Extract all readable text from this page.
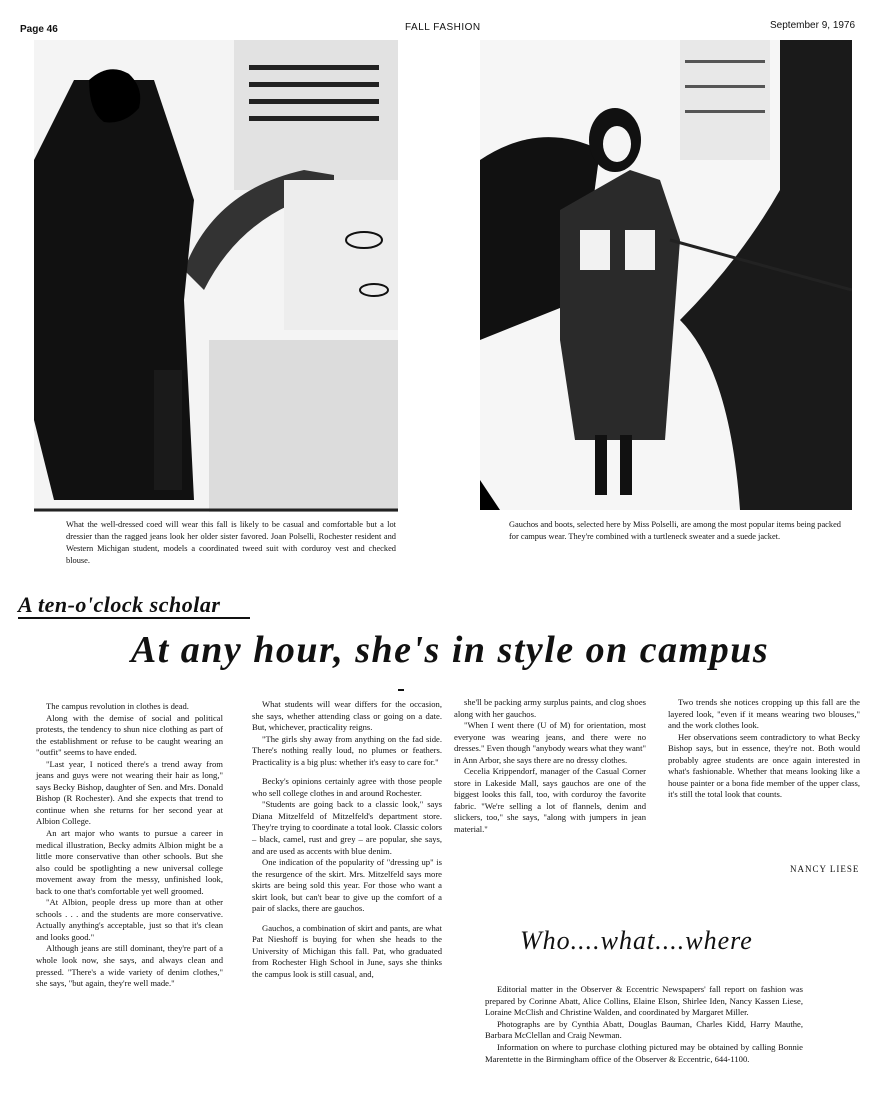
Page 46	FALL FASHION	September 9, 1976
What the well-dressed coed will wear this fall is likely to be casual and comfortable but a lot dressier than the ragged jeans look her older sister favored. Joan Polselli, Rochester resident and Western Michigan student, models a coordinated tweed suit with corduroy vest and checked blouse.
Gauchos and boots, selected here by Miss Polselli, are among the most popular items being packed for campus wear. They're combined with a turtleneck sweater and a suede jacket.
A ten-o'clock scholar
At any hour, she's in style on campus

The campus revolution in clothes is dead.

Along with the demise of social and political protests, the tendency to shun nice clothing as part of the establishment or refuse to be caught wearing an "outfit" seems to have ended.

"Last year, I noticed there's a trend away from jeans and guys were not wearing their hair as long," says Becky Bishop, daughter of Sen. and Mrs. Donald Bishop (R Rochester). And she expects that trend to continue when she returns for her second year at Albion College.

An art major who wants to pursue a career in medical illustration, Becky admits Albion might be a little more conservative than other schools. But she also could be spotlighting a new universal college movement away from the messy, unfinished look, back to one that's comfortable yet well groomed.

"At Albion, people dress up more than at other schools . . . and the students are more conservative. Actually anything's acceptable, just so that it's clean and looks good."

Although jeans are still dominant, they're part of a whole look now, she says, and always clean and pressed. "There's a wide variety of denim clothes," she says, "but again, they're well made."

What students will wear differs for the occasion, she says, whether attending class or going on a date. But, whichever, practicality reigns.

"The girls shy away from anything on the fad side. There's nothing really loud, no plumes or feathers. Practicality is a big plus: whether it's easy to care for."

Becky's opinions certainly agree with those people who sell college clothes in and around Rochester.

"Students are going back to a classic look," says Diana Mitzelfeld of Mitzelfeld's department store. They're trying to coordinate a total look. Classic colors – black, camel, rust and grey – are popular, she says, and are used as accents with blue denim.

One indication of the popularity of "dressing up" is the resurgence of the skirt. Mrs. Mitzelfeld says more skirts are being sold this year. For those who want a skirt look, but can't bear to give up the comfort of a pair of slacks, there are gauchos.

Gauchos, a combination of skirt and pants, are what Pat Nieshoff is buying for when she heads to the University of Michigan this fall. Pat, who graduated from Rochester High School in June, says she thinks the campus look is still casual, and,

she'll be packing army surplus paints, and clog shoes along with her gauchos.

"When I went there (U of M) for orientation, most everyone was wearing jeans, and there were no dresses." Even though "anybody wears what they want" in Ann Arbor, she says there are no dressy clothes.

Cecelia Krippendorf, manager of the Casual Corner store in Lakeside Mall, says gauchos are one of the biggest looks this fall, too, with corduroy the favorite fabric. "We're selling a lot of flannels, denim and slickers, too," she says, "along with jumpers in jean material."

Two trends she notices cropping up this fall are the layered look, "even if it means wearing two blouses," and the work clothes look.

Her observations seem contradictory to what Becky Bishop says, but in essence, they're not. Both would probably agree students are once again interested in what's fashionable. Whether that means looking like a house painter or a bona fide member of the upper class, it's still the total look that counts.

NANCY LIESE
Who....what....where

Editorial matter in the Observer & Eccentric Newspapers' fall report on fashion was prepared by Corinne Abatt, Alice Collins, Elaine Elson, Shirlee Iden, Nancy Kassen Liese, Loraine McClish and Christine Walden, and coordinated by Margaret Miller.

Photographs are by Cynthia Abatt, Douglas Bauman, Charles Kidd, Harry Mauthe, Barbara McClellan and Craig Newman.

Information on where to purchase clothing pictured may be obtained by calling Bonnie Marentette in the Birmingham office of the Observer & Eccentric, 644-1100.
